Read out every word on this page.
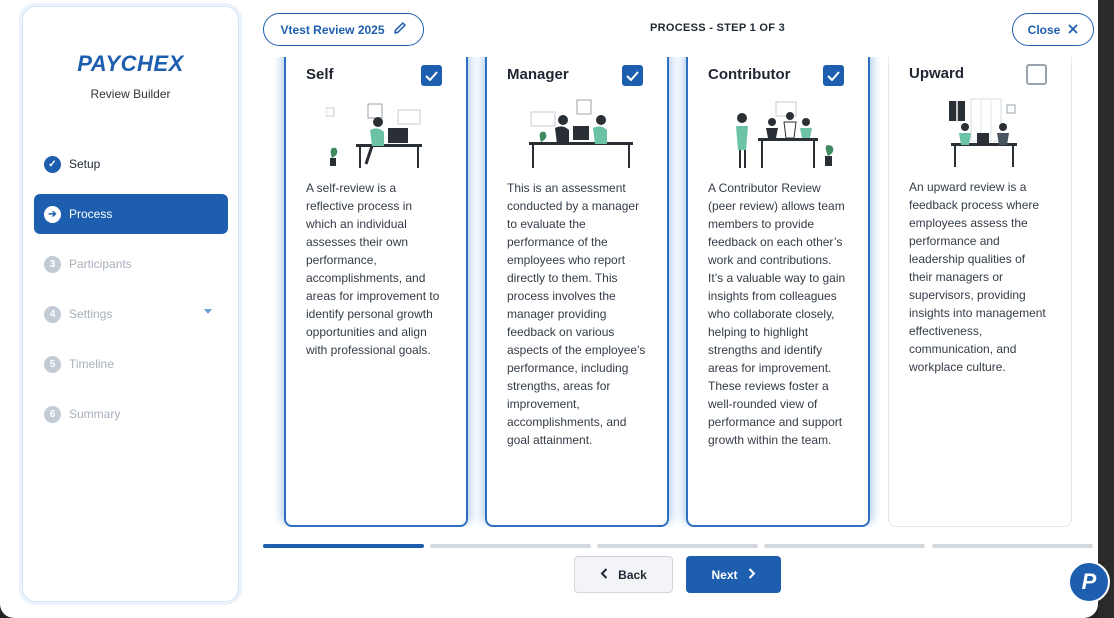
PAYCHEX
Review Builder
✓	Setup
➔	Process
3	Participants
4	Settings
5	Timeline
6	Summary
Vtest Review 2025	PROCESS - STEP 1 OF 3	Close
Self
A self-review is a reflective process in which an individual assesses their own performance, accomplishments, and areas for improvement to identify personal growth opportunities and align with professional goals.
Manager
This is an assessment conducted by a manager to evaluate the performance of the employees who report directly to them. This process involves the manager providing feedback on various aspects of the employee's performance, including strengths, areas for improvement, accomplishments, and goal attainment.
Contributor
A Contributor Review (peer review) allows team members to provide feedback on each other’s work and contributions. It’s a valuable way to gain insights from colleagues who collaborate closely, helping to highlight strengths and identify areas for improvement. These reviews foster a well-rounded view of performance and support growth within the team.
Upward
An upward review is a feedback process where employees assess the performance and leadership qualities of their managers or supervisors, providing insights into management effectiveness, communication, and workplace culture.
Back	Next	P
